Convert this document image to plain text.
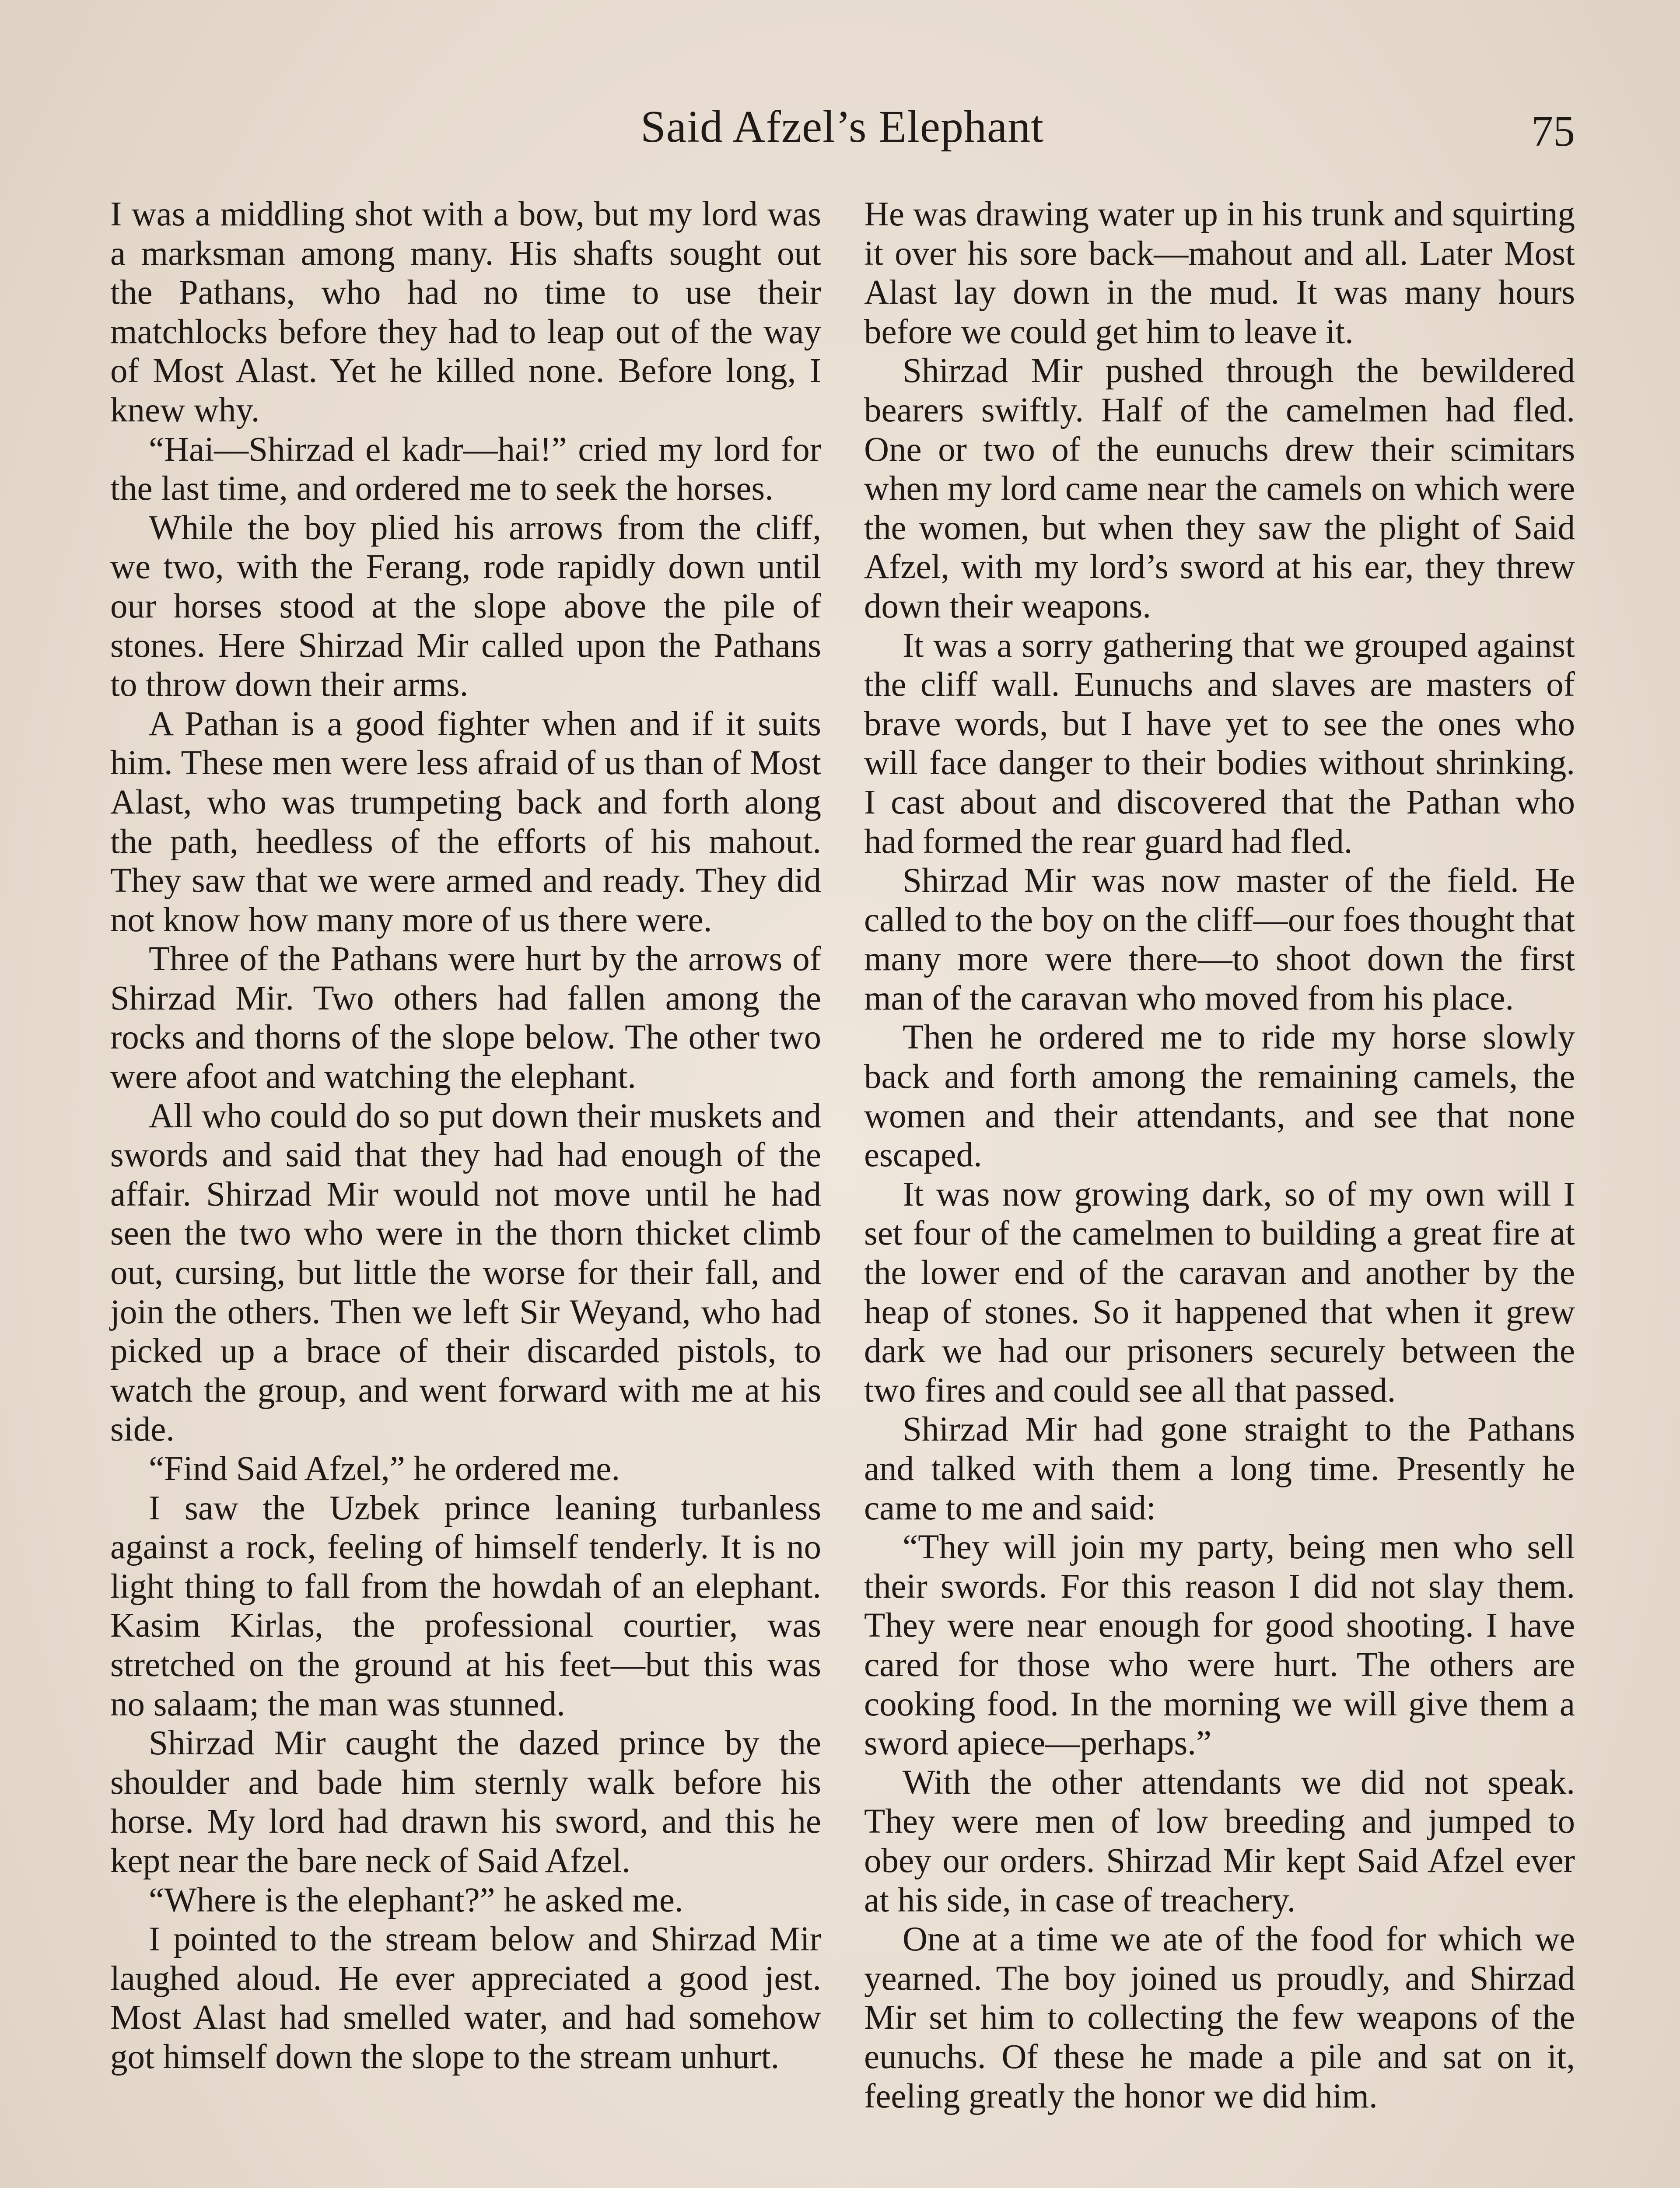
Said Afzel’s Elephant	75

I was a middling shot with a bow, but my lord was a marksman among many. His shafts sought out the Pathans, who had no time to use their matchlocks before they had to leap out of the way of Most Alast. Yet he killed none. Before long, I knew why.

“Hai—Shirzad el kadr—hai!” cried my lord for the last time, and ordered me to seek the horses.

While the boy plied his arrows from the cliff, we two, with the Ferang, rode rapidly down until our horses stood at the slope above the pile of stones. Here Shirzad Mir called upon the Pathans to throw down their arms.

A Pathan is a good fighter when and if it suits him. These men were less afraid of us than of Most Alast, who was trumpeting back and forth along the path, heedless of the efforts of his mahout. They saw that we were armed and ready. They did not know how many more of us there were.

Three of the Pathans were hurt by the arrows of Shirzad Mir. Two others had fallen among the rocks and thorns of the slope below. The other two were afoot and watching the elephant.

All who could do so put down their muskets and swords and said that they had had enough of the affair. Shirzad Mir would not move until he had seen the two who were in the thorn thicket climb out, cursing, but little the worse for their fall, and join the others. Then we left Sir Weyand, who had picked up a brace of their discarded pistols, to watch the group, and went forward with me at his side.

“Find Said Afzel,” he ordered me.

I saw the Uzbek prince leaning turbanless against a rock, feeling of himself tenderly. It is no light thing to fall from the howdah of an elephant. Kasim Kirlas, the professional courtier, was stretched on the ground at his feet—but this was no salaam; the man was stunned.

Shirzad Mir caught the dazed prince by the shoulder and bade him sternly walk before his horse. My lord had drawn his sword, and this he kept near the bare neck of Said Afzel.

“Where is the elephant?” he asked me.

I pointed to the stream below and Shirzad Mir laughed aloud. He ever appreciated a good jest. Most Alast had smelled water, and had somehow got himself down the slope to the stream unhurt.

He was drawing water up in his trunk and squirting it over his sore back—mahout and all. Later Most Alast lay down in the mud. It was many hours before we could get him to leave it.

Shirzad Mir pushed through the bewildered bearers swiftly. Half of the camelmen had fled. One or two of the eunuchs drew their scimitars when my lord came near the camels on which were the women, but when they saw the plight of Said Afzel, with my lord’s sword at his ear, they threw down their weapons.

It was a sorry gathering that we grouped against the cliff wall. Eunuchs and slaves are masters of brave words, but I have yet to see the ones who will face danger to their bodies without shrinking. I cast about and discovered that the Pathan who had formed the rear guard had fled.

Shirzad Mir was now master of the field. He called to the boy on the cliff—our foes thought that many more were there—to shoot down the first man of the caravan who moved from his place.

Then he ordered me to ride my horse slowly back and forth among the remaining camels, the women and their attendants, and see that none escaped.

It was now growing dark, so of my own will I set four of the camelmen to building a great fire at the lower end of the caravan and another by the heap of stones. So it happened that when it grew dark we had our prisoners securely between the two fires and could see all that passed.

Shirzad Mir had gone straight to the Pathans and talked with them a long time. Presently he came to me and said:

“They will join my party, being men who sell their swords. For this reason I did not slay them. They were near enough for good shooting. I have cared for those who were hurt. The others are cooking food. In the morning we will give them a sword apiece—perhaps.”

With the other attendants we did not speak. They were men of low breeding and jumped to obey our orders. Shirzad Mir kept Said Afzel ever at his side, in case of treachery.

One at a time we ate of the food for which we yearned. The boy joined us proudly, and Shirzad Mir set him to collecting the few weapons of the eunuchs. Of these he made a pile and sat on it, feeling greatly the honor we did him.
